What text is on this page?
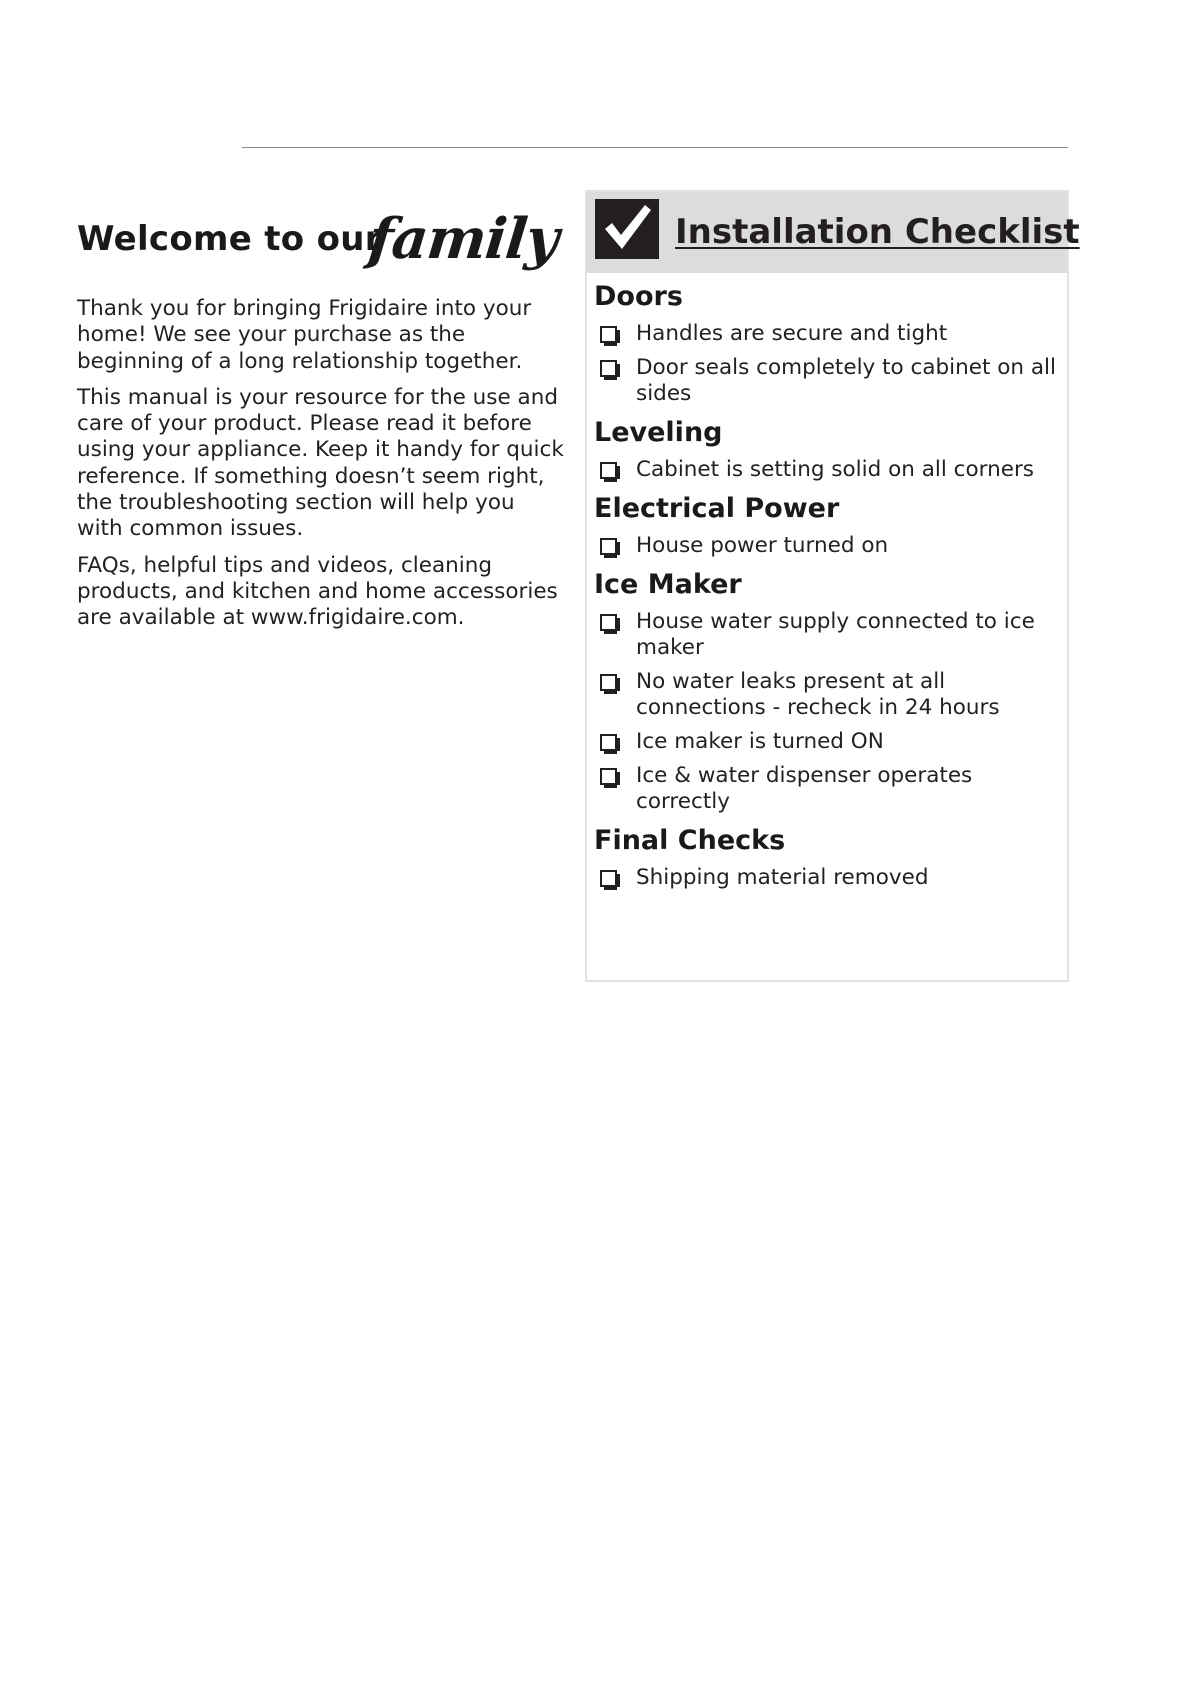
Welcome to our
family

Thank you for bringing Frigidaire into your home! We see your purchase as the beginning of a long relationship together.

This manual is your resource for the use and care of your product. Please read it before using your appliance. Keep it handy for quick reference. If something doesn’t seem right, the troubleshooting section will help you with common issues.

FAQs, helpful tips and videos, cleaning products, and kitchen and home accessories are available at www.frigidaire.com.

Installation Checklist
Doors
Handles are secure and tight
Door seals completely to cabinet on all sides
Leveling
Cabinet is setting solid on all corners
Electrical Power
House power turned on
Ice Maker
House water supply connected to ice maker
No water leaks present at all connections - recheck in 24 hours
Ice maker is turned ON
Ice & water dispenser operates correctly
Final Checks
Shipping material removed
